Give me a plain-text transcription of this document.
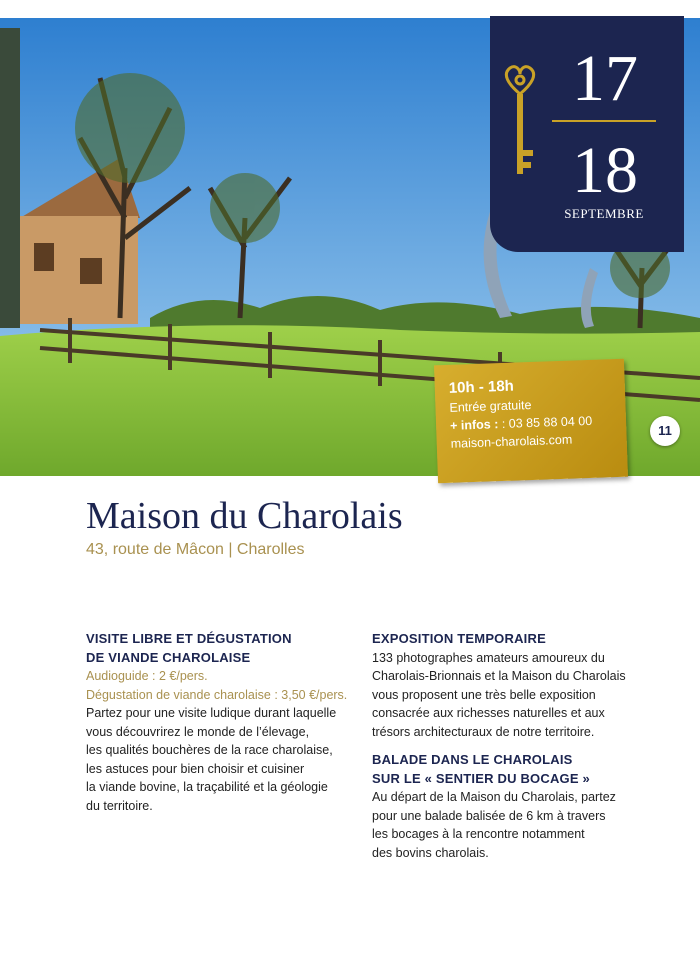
17
18
SEPTEMBRE
10h - 18h
Entrée gratuite
+ infos : : 03 85 88 04 00
maison-charolais.com
11
Maison du Charolais
43, route de Mâcon | Charolles
VISITE LIBRE ET DÉGUSTATION
DE VIANDE CHAROLAISE
Audioguide : 2 €/pers.
Dégustation de viande charolaise : 3,50 €/pers.
Partez pour une visite ludique durant laquelle
vous découvrirez le monde de l’élevage,
les qualités bouchères de la race charolaise,
les astuces pour bien choisir et cuisiner
la viande bovine, la traçabilité et la géologie
du territoire.
EXPOSITION TEMPORAIRE
133 photographes amateurs amoureux du
Charolais-Brionnais et la Maison du Charolais
vous proposent une très belle exposition
consacrée aux richesses naturelles et aux
trésors architecturaux de notre territoire.
BALADE DANS LE CHAROLAIS
SUR LE « SENTIER DU BOCAGE »
Au départ de la Maison du Charolais, partez
pour une balade balisée de 6 km à travers
les bocages à la rencontre notamment
des bovins charolais.
